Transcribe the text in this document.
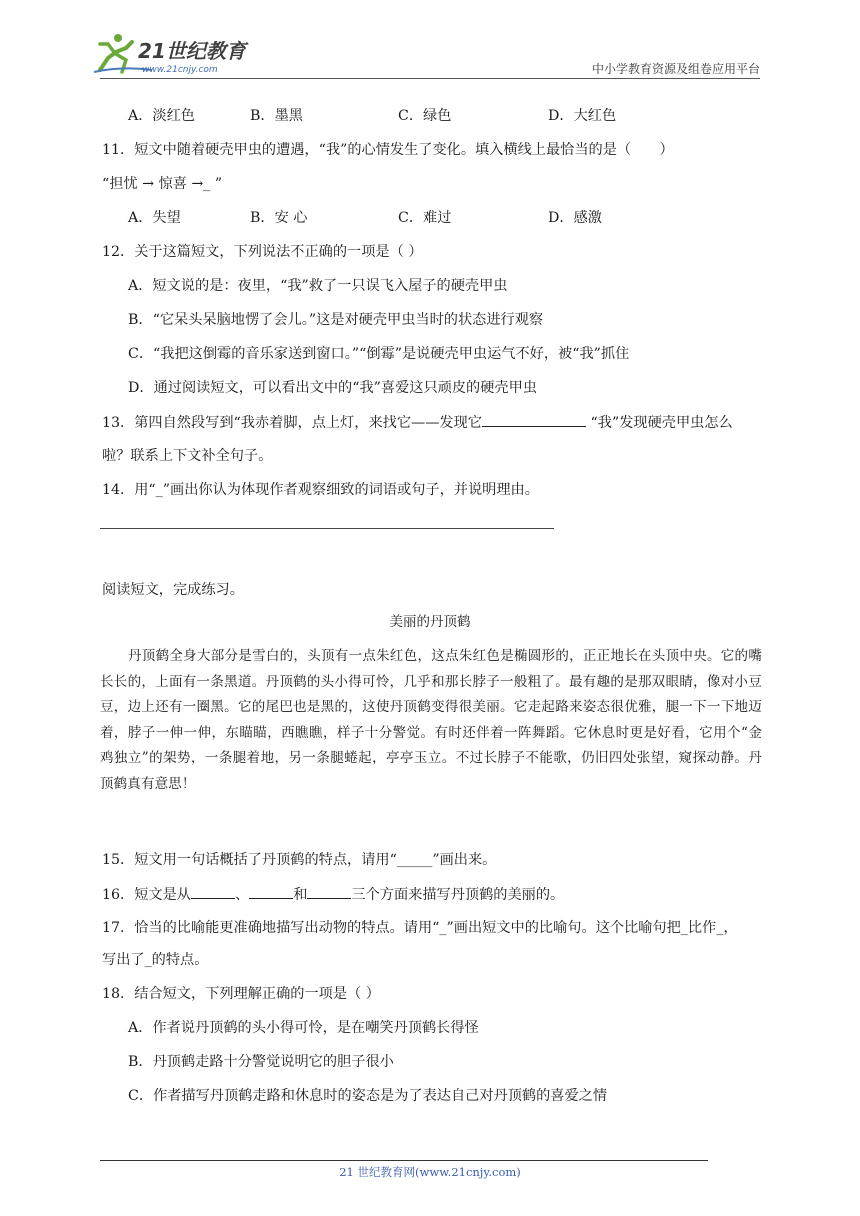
21世纪教育
www.21cnjy.com	中小学教育资源及组卷应用平台
A．淡红色	B．墨黑	C．绿色	D．大红色
11．短文中随着硬壳甲虫的遭遇，“我”的心情发生了变化。填入横线上最恰当的是（　　）
“担忧 → 惊喜 →_ ”
A．失望	B．安 心	C．难过	D．感激
12．关于这篇短文，下列说法不正确的一项是（ ）
A．短文说的是：夜里，“我”救了一只误飞入屋子的硬壳甲虫
B．“它呆头呆脑地愣了会儿。”这是对硬壳甲虫当时的状态进行观察
C．“我把这倒霉的音乐家送到窗口。”“倒霉”是说硬壳甲虫运气不好，被“我”抓住
D．通过阅读短文，可以看出文中的“我”喜爱这只顽皮的硬壳甲虫
13．第四自然段写到“我赤着脚，点上灯，来找它——发现它	“我”发现硬壳甲虫怎么
啦？联系上下文补全句子。
14．用“_”画出你认为体现作者观察细致的词语或句子，并说明理由。
阅读短文，完成练习。
美丽的丹顶鹤
丹顶鹤全身大部分是雪白的，头顶有一点朱红色，这点朱红色是椭圆形的，正正地长在头顶中央。它的嘴长长的，上面有一条黑道。丹顶鹤的头小得可怜，几乎和那长脖子一般粗了。最有趣的是那双眼睛，像对小豆豆，边上还有一圈黑。它的尾巴也是黑的，这使丹顶鹤变得很美丽。它走起路来姿态很优雅，腿一下一下地迈着，脖子一伸一伸，东瞄瞄，西瞧瞧，样子十分警觉。有时还伴着一阵舞蹈。它休息时更是好看，它用个“金鸡独立”的架势，一条腿着地，另一条腿蜷起，亭亭玉立。不过长脖子不能歌，仍旧四处张望，窥探动静。丹顶鹤真有意思！
15．短文用一句话概括了丹顶鹤的特点，请用“_____”画出来。
16．短文是从	、	和	三个方面来描写丹顶鹤的美丽的。
17．恰当的比喻能更准确地描写出动物的特点。请用“_”画出短文中的比喻句。这个比喻句把_比作_，
写出了_的特点。
18．结合短文，下列理解正确的一项是（ ）
A．作者说丹顶鹤的头小得可怜，是在嘲笑丹顶鹤长得怪
B．丹顶鹤走路十分警觉说明它的胆子很小
C．作者描写丹顶鹤走路和休息时的姿态是为了表达自己对丹顶鹤的喜爱之情
21 世纪教育网(www.21cnjy.com)
